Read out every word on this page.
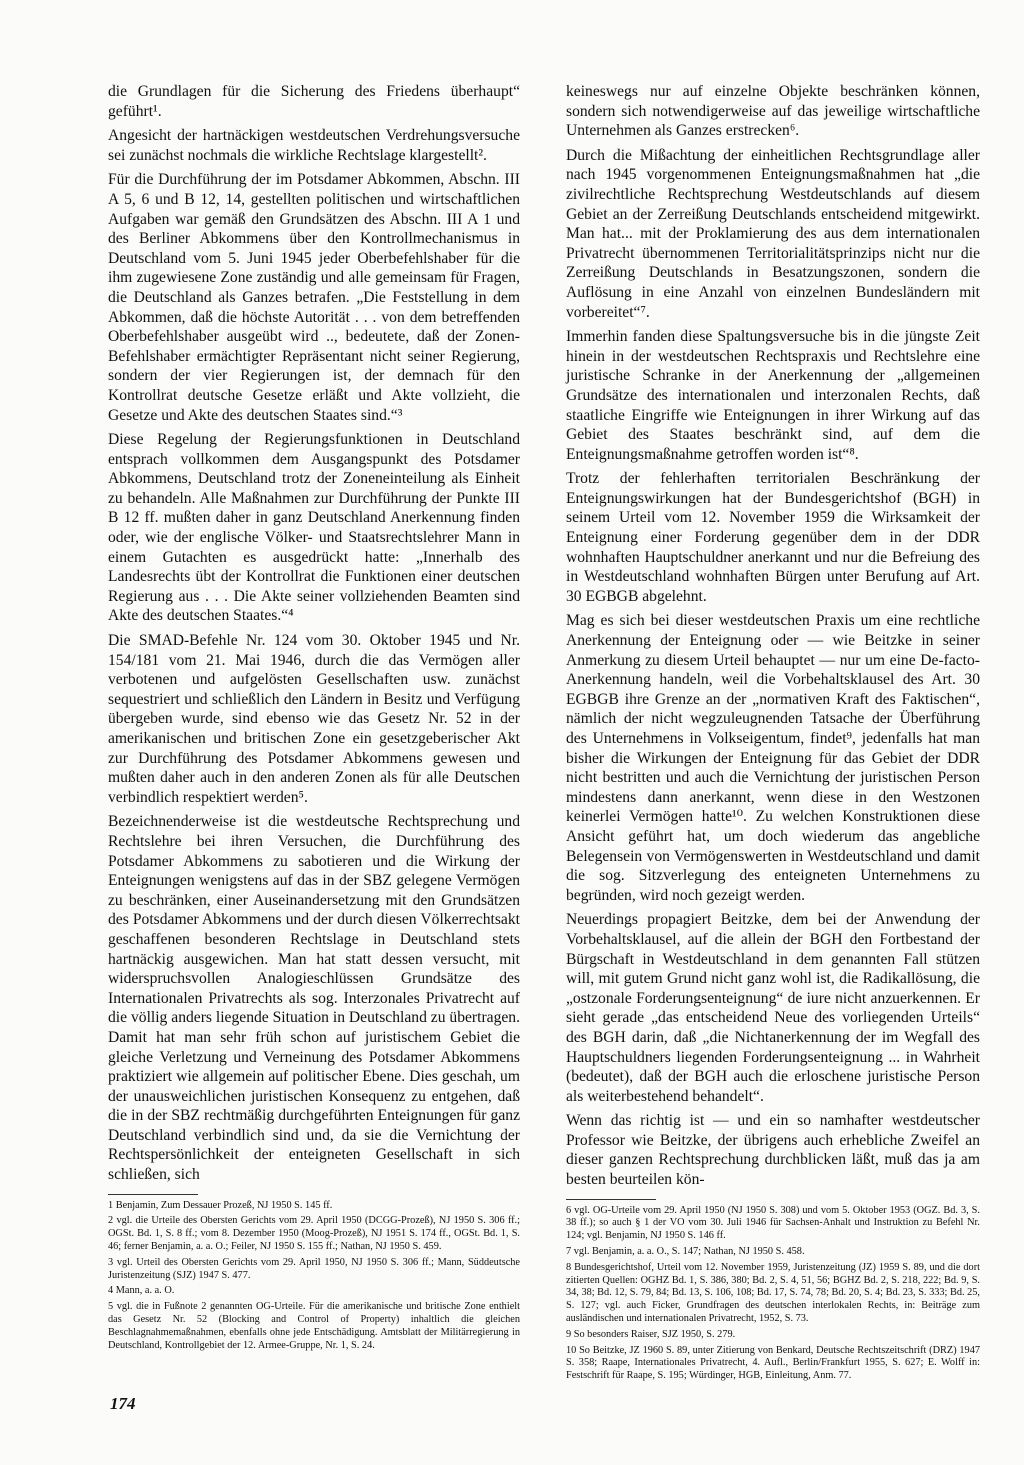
die Grundlagen für die Sicherung des Friedens überhaupt“ geführt¹.

Angesicht der hartnäckigen westdeutschen Verdrehungsversuche sei zunächst nochmals die wirkliche Rechtslage klargestellt².

Für die Durchführung der im Potsdamer Abkommen, Abschn. III A 5, 6 und B 12, 14, gestellten politischen und wirtschaftlichen Aufgaben war gemäß den Grundsätzen des Abschn. III A 1 und des Berliner Abkommens über den Kontrollmechanismus in Deutschland vom 5. Juni 1945 jeder Oberbefehlshaber für die ihm zugewiesene Zone zuständig und alle gemeinsam für Fragen, die Deutschland als Ganzes betrafen. „Die Feststellung in dem Abkommen, daß die höchste Autorität . . . von dem betreffenden Oberbefehlshaber ausgeübt wird .., bedeutete, daß der Zonen-Befehlshaber ermächtigter Repräsentant nicht seiner Regierung, sondern der vier Regierungen ist, der demnach für den Kontrollrat deutsche Gesetze erläßt und Akte vollzieht, die Gesetze und Akte des deutschen Staates sind.“³

Diese Regelung der Regierungsfunktionen in Deutschland entsprach vollkommen dem Ausgangspunkt des Potsdamer Abkommens, Deutschland trotz der Zoneneinteilung als Einheit zu behandeln. Alle Maßnahmen zur Durchführung der Punkte III B 12 ff. mußten daher in ganz Deutschland Anerkennung finden oder, wie der englische Völker- und Staatsrechtslehrer Mann in einem Gutachten es ausgedrückt hatte: „Innerhalb des Landesrechts übt der Kontrollrat die Funktionen einer deutschen Regierung aus . . . Die Akte seiner vollziehenden Beamten sind Akte des deutschen Staates.“⁴

Die SMAD-Befehle Nr. 124 vom 30. Oktober 1945 und Nr. 154/181 vom 21. Mai 1946, durch die das Vermögen aller verbotenen und aufgelösten Gesellschaften usw. zunächst sequestriert und schließlich den Ländern in Besitz und Verfügung übergeben wurde, sind ebenso wie das Gesetz Nr. 52 in der amerikanischen und britischen Zone ein gesetzgeberischer Akt zur Durchführung des Potsdamer Abkommens gewesen und mußten daher auch in den anderen Zonen als für alle Deutschen verbindlich respektiert werden⁵.

Bezeichnenderweise ist die westdeutsche Rechtsprechung und Rechtslehre bei ihren Versuchen, die Durchführung des Potsdamer Abkommens zu sabotieren und die Wirkung der Enteignungen wenigstens auf das in der SBZ gelegene Vermögen zu beschränken, einer Auseinandersetzung mit den Grundsätzen des Potsdamer Abkommens und der durch diesen Völkerrechtsakt geschaffenen besonderen Rechtslage in Deutschland stets hartnäckig ausgewichen. Man hat statt dessen versucht, mit widerspruchsvollen Analogieschlüssen Grundsätze des Internationalen Privatrechts als sog. Interzonales Privatrecht auf die völlig anders liegende Situation in Deutschland zu übertragen. Damit hat man sehr früh schon auf juristischem Gebiet die gleiche Verletzung und Verneinung des Potsdamer Abkommens praktiziert wie allgemein auf politischer Ebene. Dies geschah, um der unausweichlichen juristischen Konsequenz zu entgehen, daß die in der SBZ rechtmäßig durchgeführten Enteignungen für ganz Deutschland verbindlich sind und, da sie die Vernichtung der Rechtspersönlichkeit der enteigneten Gesellschaft in sich schließen, sich

1 Benjamin, Zum Dessauer Prozeß, NJ 1950 S. 145 ff.

2 vgl. die Urteile des Obersten Gerichts vom 29. April 1950 (DCGG-Prozeß), NJ 1950 S. 306 ff.; OGSt. Bd. 1, S. 8 ff.; vom 8. Dezember 1950 (Moog-Prozeß), NJ 1951 S. 174 ff., OGSt. Bd. 1, S. 46; ferner Benjamin, a. a. O.; Feiler, NJ 1950 S. 155 ff.; Nathan, NJ 1950 S. 459.

3 vgl. Urteil des Obersten Gerichts vom 29. April 1950, NJ 1950 S. 306 ff.; Mann, Süddeutsche Juristenzeitung (SJZ) 1947 S. 477.

4 Mann, a. a. O.

5 vgl. die in Fußnote 2 genannten OG-Urteile. Für die amerikanische und britische Zone enthielt das Gesetz Nr. 52 (Blocking and Control of Property) inhaltlich die gleichen Beschlagnahmemaßnahmen, ebenfalls ohne jede Entschädigung. Amtsblatt der Militärregierung in Deutschland, Kontrollgebiet der 12. Armee-Gruppe, Nr. 1, S. 24.

keineswegs nur auf einzelne Objekte beschränken können, sondern sich notwendigerweise auf das jeweilige wirtschaftliche Unternehmen als Ganzes erstrecken⁶.

Durch die Mißachtung der einheitlichen Rechtsgrundlage aller nach 1945 vorgenommenen Enteignungsmaßnahmen hat „die zivilrechtliche Rechtsprechung Westdeutschlands auf diesem Gebiet an der Zerreißung Deutschlands entscheidend mitgewirkt. Man hat... mit der Proklamierung des aus dem internationalen Privatrecht übernommenen Territorialitätsprinzips nicht nur die Zerreißung Deutschlands in Besatzungszonen, sondern die Auflösung in eine Anzahl von einzelnen Bundesländern mit vorbereitet“⁷.

Immerhin fanden diese Spaltungsversuche bis in die jüngste Zeit hinein in der westdeutschen Rechtspraxis und Rechtslehre eine juristische Schranke in der Anerkennung der „allgemeinen Grundsätze des internationalen und interzonalen Rechts, daß staatliche Eingriffe wie Enteignungen in ihrer Wirkung auf das Gebiet des Staates beschränkt sind, auf dem die Enteignungsmaßnahme getroffen worden ist“⁸.

Trotz der fehlerhaften territorialen Beschränkung der Enteignungswirkungen hat der Bundesgerichtshof (BGH) in seinem Urteil vom 12. November 1959 die Wirksamkeit der Enteignung einer Forderung gegenüber dem in der DDR wohnhaften Hauptschuldner anerkannt und nur die Befreiung des in Westdeutschland wohnhaften Bürgen unter Berufung auf Art. 30 EGBGB abgelehnt.

Mag es sich bei dieser westdeutschen Praxis um eine rechtliche Anerkennung der Enteignung oder — wie Beitzke in seiner Anmerkung zu diesem Urteil behauptet — nur um eine De-facto-Anerkennung handeln, weil die Vorbehaltsklausel des Art. 30 EGBGB ihre Grenze an der „normativen Kraft des Faktischen“, nämlich der nicht wegzuleugnenden Tatsache der Überführung des Unternehmens in Volkseigentum, findet⁹, jedenfalls hat man bisher die Wirkungen der Enteignung für das Gebiet der DDR nicht bestritten und auch die Vernichtung der juristischen Person mindestens dann anerkannt, wenn diese in den Westzonen keinerlei Vermögen hatte¹⁰. Zu welchen Konstruktionen diese Ansicht geführt hat, um doch wiederum das angebliche Belegensein von Vermögenswerten in Westdeutschland und damit die sog. Sitzverlegung des enteigneten Unternehmens zu begründen, wird noch gezeigt werden.

Neuerdings propagiert Beitzke, dem bei der Anwendung der Vorbehaltsklausel, auf die allein der BGH den Fortbestand der Bürgschaft in Westdeutschland in dem genannten Fall stützen will, mit gutem Grund nicht ganz wohl ist, die Radikallösung, die „ostzonale Forderungsenteignung“ de iure nicht anzuerkennen. Er sieht gerade „das entscheidend Neue des vorliegenden Urteils“ des BGH darin, daß „die Nichtanerkennung der im Wegfall des Hauptschuldners liegenden Forderungsenteignung ... in Wahrheit (bedeutet), daß der BGH auch die erloschene juristische Person als weiterbestehend behandelt“.

Wenn das richtig ist — und ein so namhafter westdeutscher Professor wie Beitzke, der übrigens auch erhebliche Zweifel an dieser ganzen Rechtsprechung durchblicken läßt, muß das ja am besten beurteilen kön-

6 vgl. OG-Urteile vom 29. April 1950 (NJ 1950 S. 308) und vom 5. Oktober 1953 (OGZ. Bd. 3, S. 38 ff.); so auch § 1 der VO vom 30. Juli 1946 für Sachsen-Anhalt und Instruktion zu Befehl Nr. 124; vgl. Benjamin, NJ 1950 S. 146 ff.

7 vgl. Benjamin, a. a. O., S. 147; Nathan, NJ 1950 S. 458.

8 Bundesgerichtshof, Urteil vom 12. November 1959, Juristenzeitung (JZ) 1959 S. 89, und die dort zitierten Quellen: OGHZ Bd. 1, S. 386, 380; Bd. 2, S. 4, 51, 56; BGHZ Bd. 2, S. 218, 222; Bd. 9, S. 34, 38; Bd. 12, S. 79, 84; Bd. 13, S. 106, 108; Bd. 17, S. 74, 78; Bd. 20, S. 4; Bd. 23, S. 333; Bd. 25, S. 127; vgl. auch Ficker, Grundfragen des deutschen interlokalen Rechts, in: Beiträge zum ausländischen und internationalen Privatrecht, 1952, S. 73.

9 So besonders Raiser, SJZ 1950, S. 279.

10 So Beitzke, JZ 1960 S. 89, unter Zitierung von Benkard, Deutsche Rechtszeitschrift (DRZ) 1947 S. 358; Raape, Internationales Privatrecht, 4. Aufl., Berlin/Frankfurt 1955, S. 627; E. Wolff in: Festschrift für Raape, S. 195; Würdinger, HGB, Einleitung, Anm. 77.

174
